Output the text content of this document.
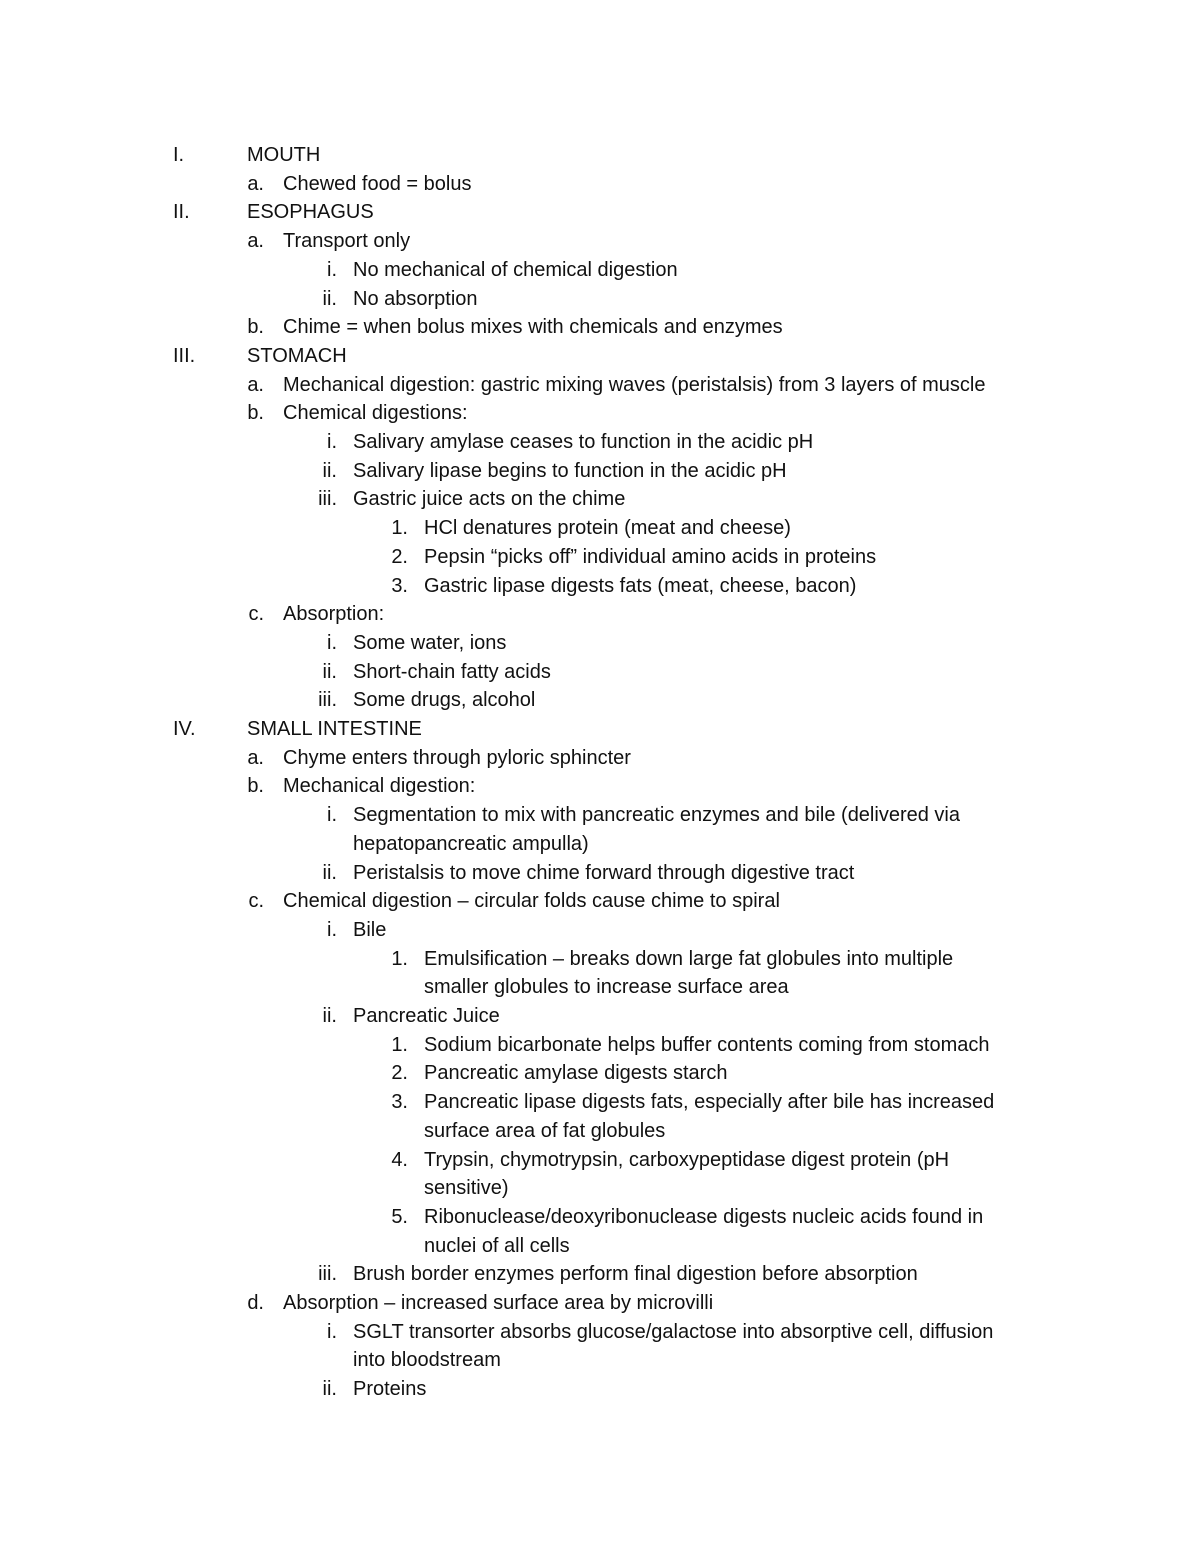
I.	MOUTH
a. Chewed food = bolus
II.	ESOPHAGUS
a. Transport only
i. No mechanical of chemical digestion
ii. No absorption
b. Chime = when bolus mixes with chemicals and enzymes
III.	STOMACH
a. Mechanical digestion: gastric mixing waves (peristalsis) from 3 layers of muscle
b. Chemical digestions:
i. Salivary amylase ceases to function in the acidic pH
ii. Salivary lipase begins to function in the acidic pH
iii. Gastric juice acts on the chime
1. HCl denatures protein (meat and cheese)
2. Pepsin “picks off” individual amino acids in proteins
3. Gastric lipase digests fats (meat, cheese, bacon)
c. Absorption:
i. Some water, ions
ii. Short-chain fatty acids
iii. Some drugs, alcohol
IV.	SMALL INTESTINE
a. Chyme enters through pyloric sphincter
b. Mechanical digestion:
i. Segmentation to mix with pancreatic enzymes and bile (delivered via
hepatopancreatic ampulla)
ii. Peristalsis to move chime forward through digestive tract
c. Chemical digestion – circular folds cause chime to spiral
i. Bile
1. Emulsification – breaks down large fat globules into multiple
smaller globules to increase surface area
ii. Pancreatic Juice
1. Sodium bicarbonate helps buffer contents coming from stomach
2. Pancreatic amylase digests starch
3. Pancreatic lipase digests fats, especially after bile has increased
surface area of fat globules
4. Trypsin, chymotrypsin, carboxypeptidase digest protein (pH
sensitive)
5. Ribonuclease/deoxyribonuclease digests nucleic acids found in
nuclei of all cells
iii. Brush border enzymes perform final digestion before absorption
d. Absorption – increased surface area by microvilli
i. SGLT transorter absorbs glucose/galactose into absorptive cell, diffusion
into bloodstream
ii. Proteins
